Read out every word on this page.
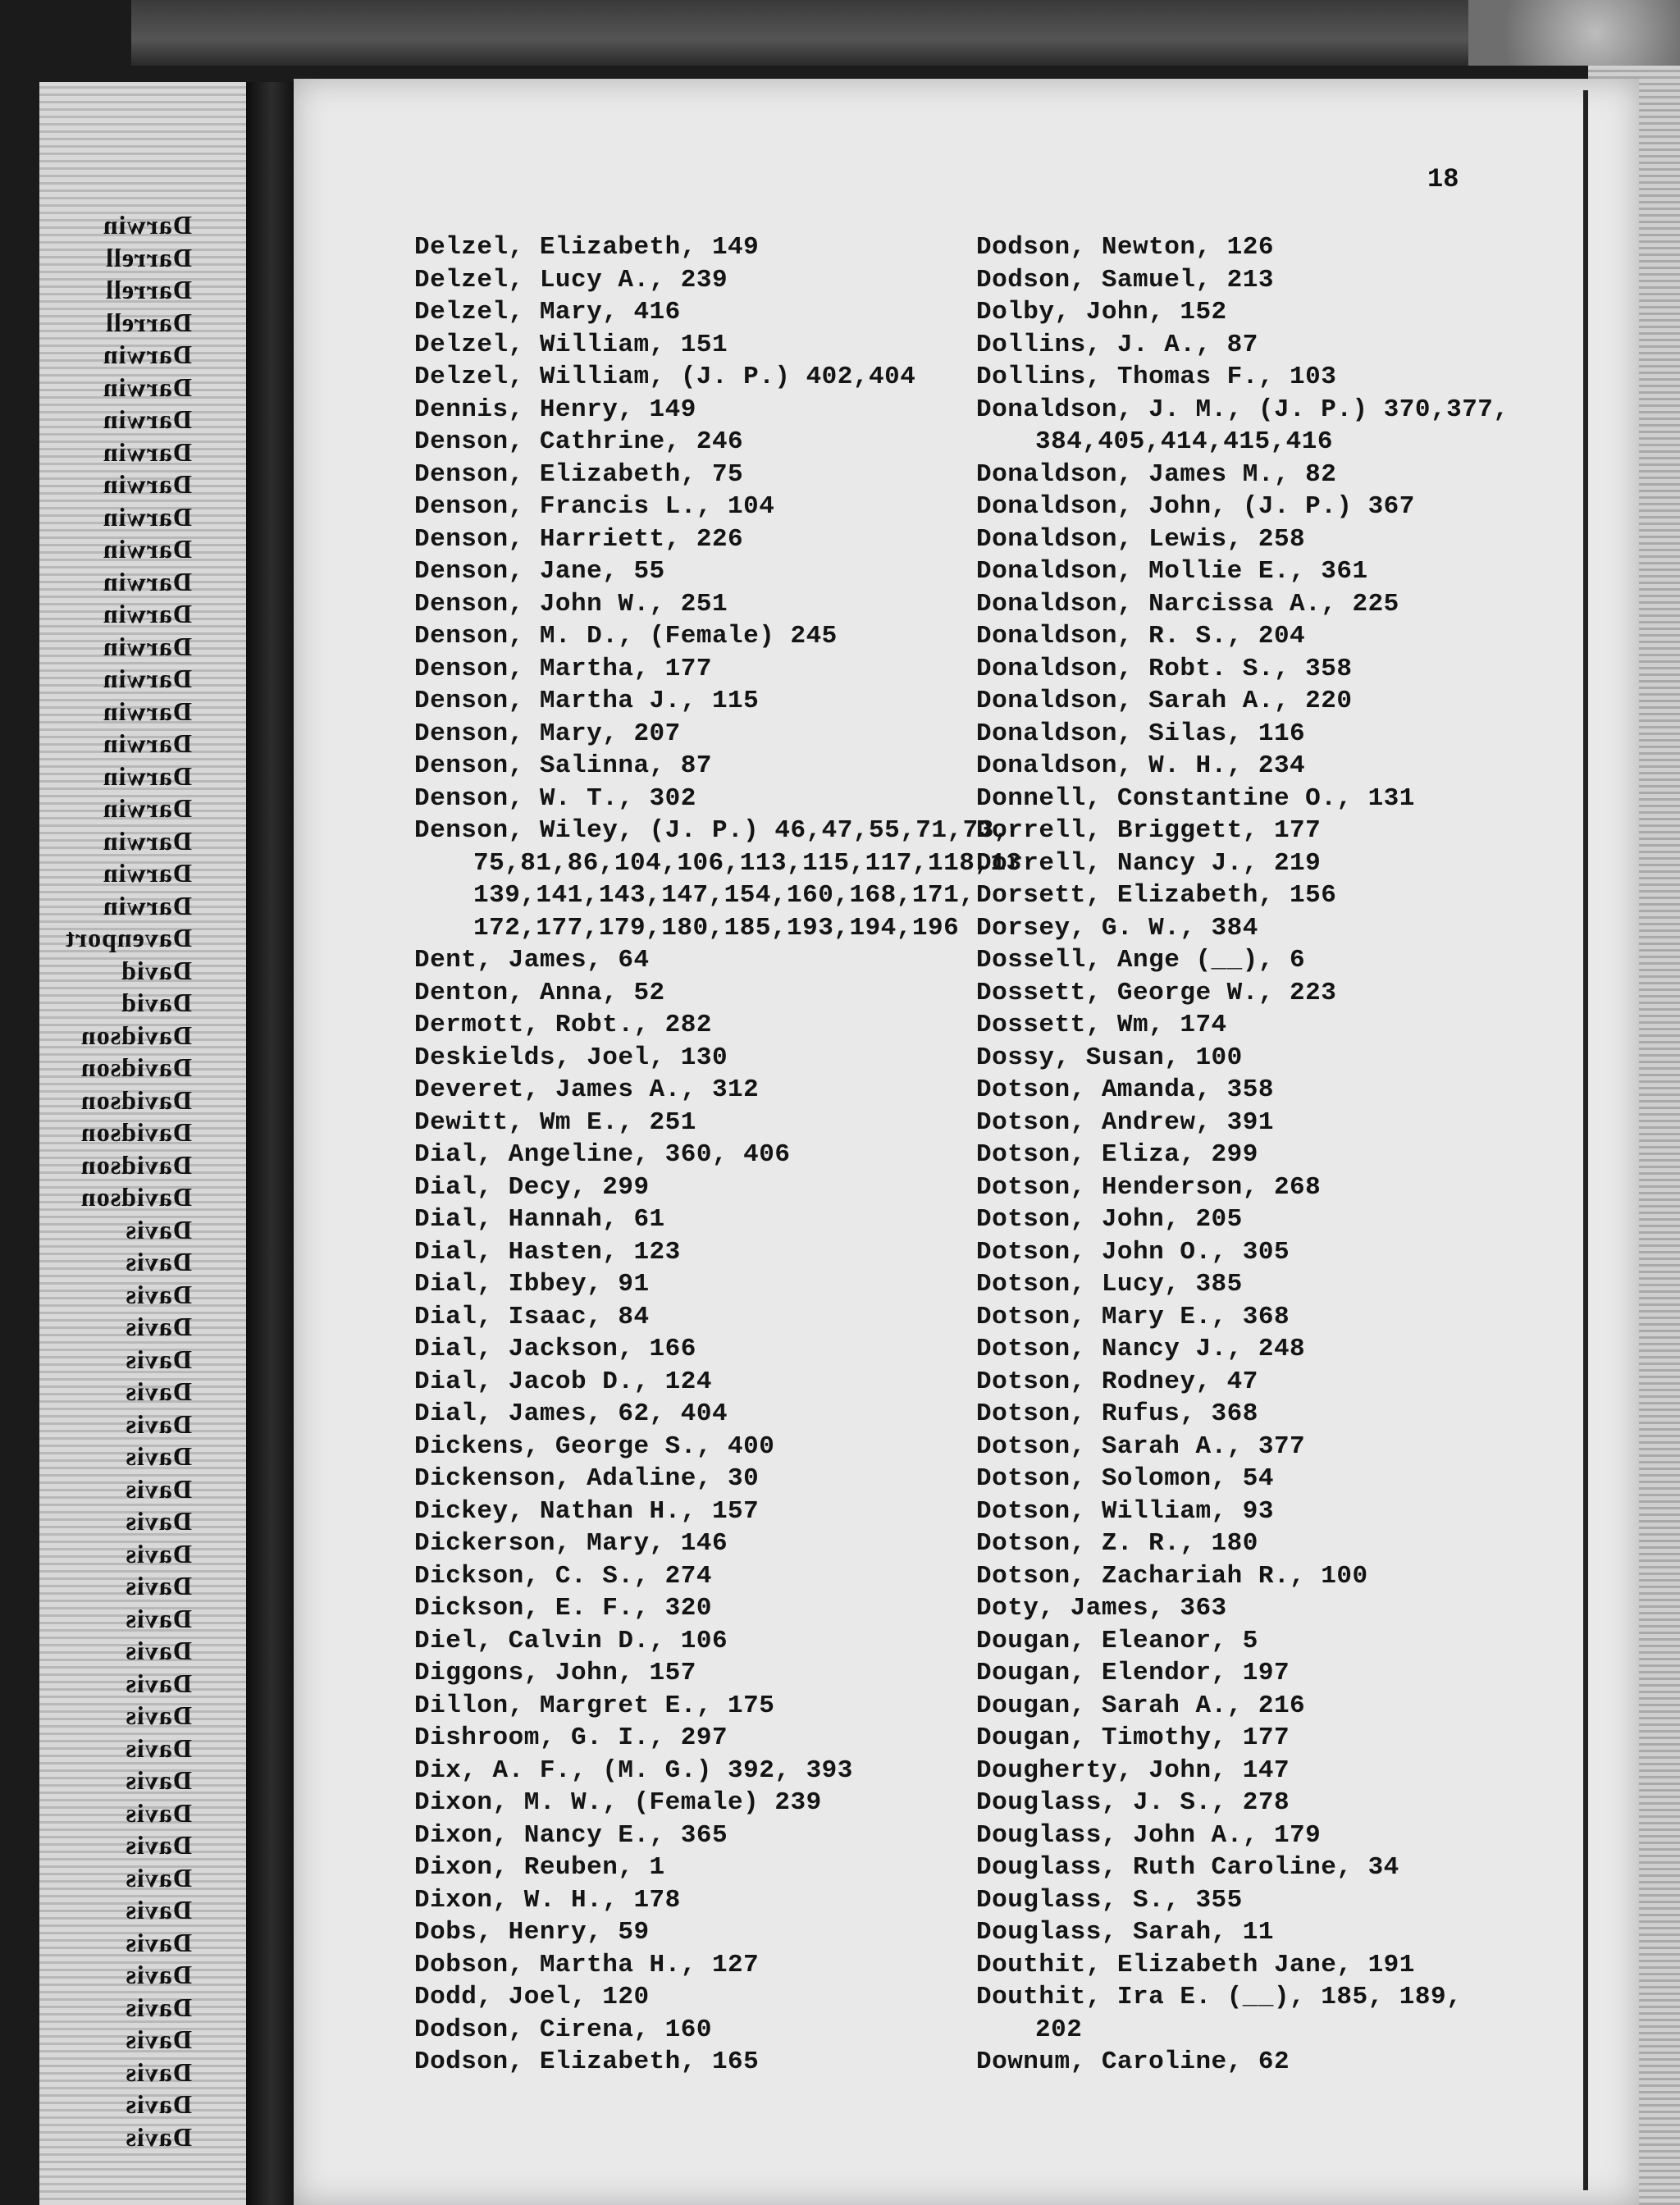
Darwin
Darrell
Darrell
Darrell
Darwin
Darwin
Darwin
Darwin
Darwin
Darwin
Darwin
Darwin
Darwin
Darwin
Darwin
Darwin
Darwin
Darwin
Darwin
Darwin
Darwin
Darwin
Davenport
David
David
Davidson
Davidson
Davidson
Davidson
Davidson
Davidson
Davis
Davis
Davis
Davis
Davis
Davis
Davis
Davis
Davis
Davis
Davis
Davis
Davis
Davis
Davis
Davis
Davis
Davis
Davis
Davis
Davis
Davis
Davis
Davis
Davis
Davis
Davis
Davis
Davis
18
Delzel, Elizabeth, 149
Delzel, Lucy A., 239
Delzel, Mary, 416
Delzel, William, 151
Delzel, William, (J. P.) 402,404
Dennis, Henry, 149
Denson, Cathrine, 246
Denson, Elizabeth, 75
Denson, Francis L., 104
Denson, Harriett, 226
Denson, Jane, 55
Denson, John W., 251
Denson, M. D., (Female) 245
Denson, Martha, 177
Denson, Martha J., 115
Denson, Mary, 207
Denson, Salinna, 87
Denson, W. T., 302
Denson, Wiley, (J. P.) 46,47,55,71,73,
75,81,86,104,106,113,115,117,118,13
139,141,143,147,154,160,168,171,
172,177,179,180,185,193,194,196
Dent, James, 64
Denton, Anna, 52
Dermott, Robt., 282
Deskields, Joel, 130
Deveret, James A., 312
Dewitt, Wm E., 251
Dial, Angeline, 360, 406
Dial, Decy, 299
Dial, Hannah, 61
Dial, Hasten, 123
Dial, Ibbey, 91
Dial, Isaac, 84
Dial, Jackson, 166
Dial, Jacob D., 124
Dial, James, 62, 404
Dickens, George S., 400
Dickenson, Adaline, 30
Dickey, Nathan H., 157
Dickerson, Mary, 146
Dickson, C. S., 274
Dickson, E. F., 320
Diel, Calvin D., 106
Diggons, John, 157
Dillon, Margret E., 175
Dishroom, G. I., 297
Dix, A. F., (M. G.) 392, 393
Dixon, M. W., (Female) 239
Dixon, Nancy E., 365
Dixon, Reuben, 1
Dixon, W. H., 178
Dobs, Henry, 59
Dobson, Martha H., 127
Dodd, Joel, 120
Dodson, Cirena, 160
Dodson, Elizabeth, 165
Dodson, Newton, 126
Dodson, Samuel, 213
Dolby, John, 152
Dollins, J. A., 87
Dollins, Thomas F., 103
Donaldson, J. M., (J. P.) 370,377,
384,405,414,415,416
Donaldson, James M., 82
Donaldson, John, (J. P.) 367
Donaldson, Lewis, 258
Donaldson, Mollie E., 361
Donaldson, Narcissa A., 225
Donaldson, R. S., 204
Donaldson, Robt. S., 358
Donaldson, Sarah A., 220
Donaldson, Silas, 116
Donaldson, W. H., 234
Donnell, Constantine O., 131
Dorrell, Briggett, 177
Dorrell, Nancy J., 219
Dorsett, Elizabeth, 156
Dorsey, G. W., 384
Dossell, Ange (__), 6
Dossett, George W., 223
Dossett, Wm, 174
Dossy, Susan, 100
Dotson, Amanda, 358
Dotson, Andrew, 391
Dotson, Eliza, 299
Dotson, Henderson, 268
Dotson, John, 205
Dotson, John O., 305
Dotson, Lucy, 385
Dotson, Mary E., 368
Dotson, Nancy J., 248
Dotson, Rodney, 47
Dotson, Rufus, 368
Dotson, Sarah A., 377
Dotson, Solomon, 54
Dotson, William, 93
Dotson, Z. R., 180
Dotson, Zachariah R., 100
Doty, James, 363
Dougan, Eleanor, 5
Dougan, Elendor, 197
Dougan, Sarah A., 216
Dougan, Timothy, 177
Dougherty, John, 147
Douglass, J. S., 278
Douglass, John A., 179
Douglass, Ruth Caroline, 34
Douglass, S., 355
Douglass, Sarah, 11
Douthit, Elizabeth Jane, 191
Douthit, Ira E. (__), 185, 189,
202
Downum, Caroline, 62
